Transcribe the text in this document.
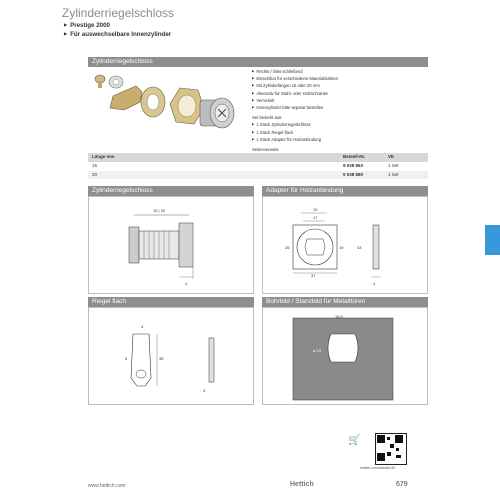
Zylinderriegelschloss
▶ Prestige 2000
▶ Für auswechselbare Innenzylinder
Zylinderriegelschloss
▶ Rechts / links schließend
▶ Einsetzbar für verschiedene Materialstärken
▶ Mit Zylinderlängen 15 oder 20 mm
▶ Alternativ für Stahl- oder Holzschränke
▶ Vernickelt
▶ Innenzylinder bitte separat bestellen
Set besteht aus:
▶ 1 Stück Zylinderriegelschloss
▶ 1 Stück Riegel flach
▶ 1 Stück Adapter für Holzanbindung
Seitenverweis:
▶
Länge mm	Bestell-Nr.	VE
15	9 038 863	1 Set
20	9 038 880	1 Set
Zylinderriegelschloss
15 | 20
4
Adapter für Holzanbindung
19
17
26	19
37
43
4
Riegel flach
4
35
8
3
Bohrbild / Stanzbild für Metalltüren
16,5
ø 19
🛒
hettich.com/direkt/h/40
www.hettich.com	Hettich	679
